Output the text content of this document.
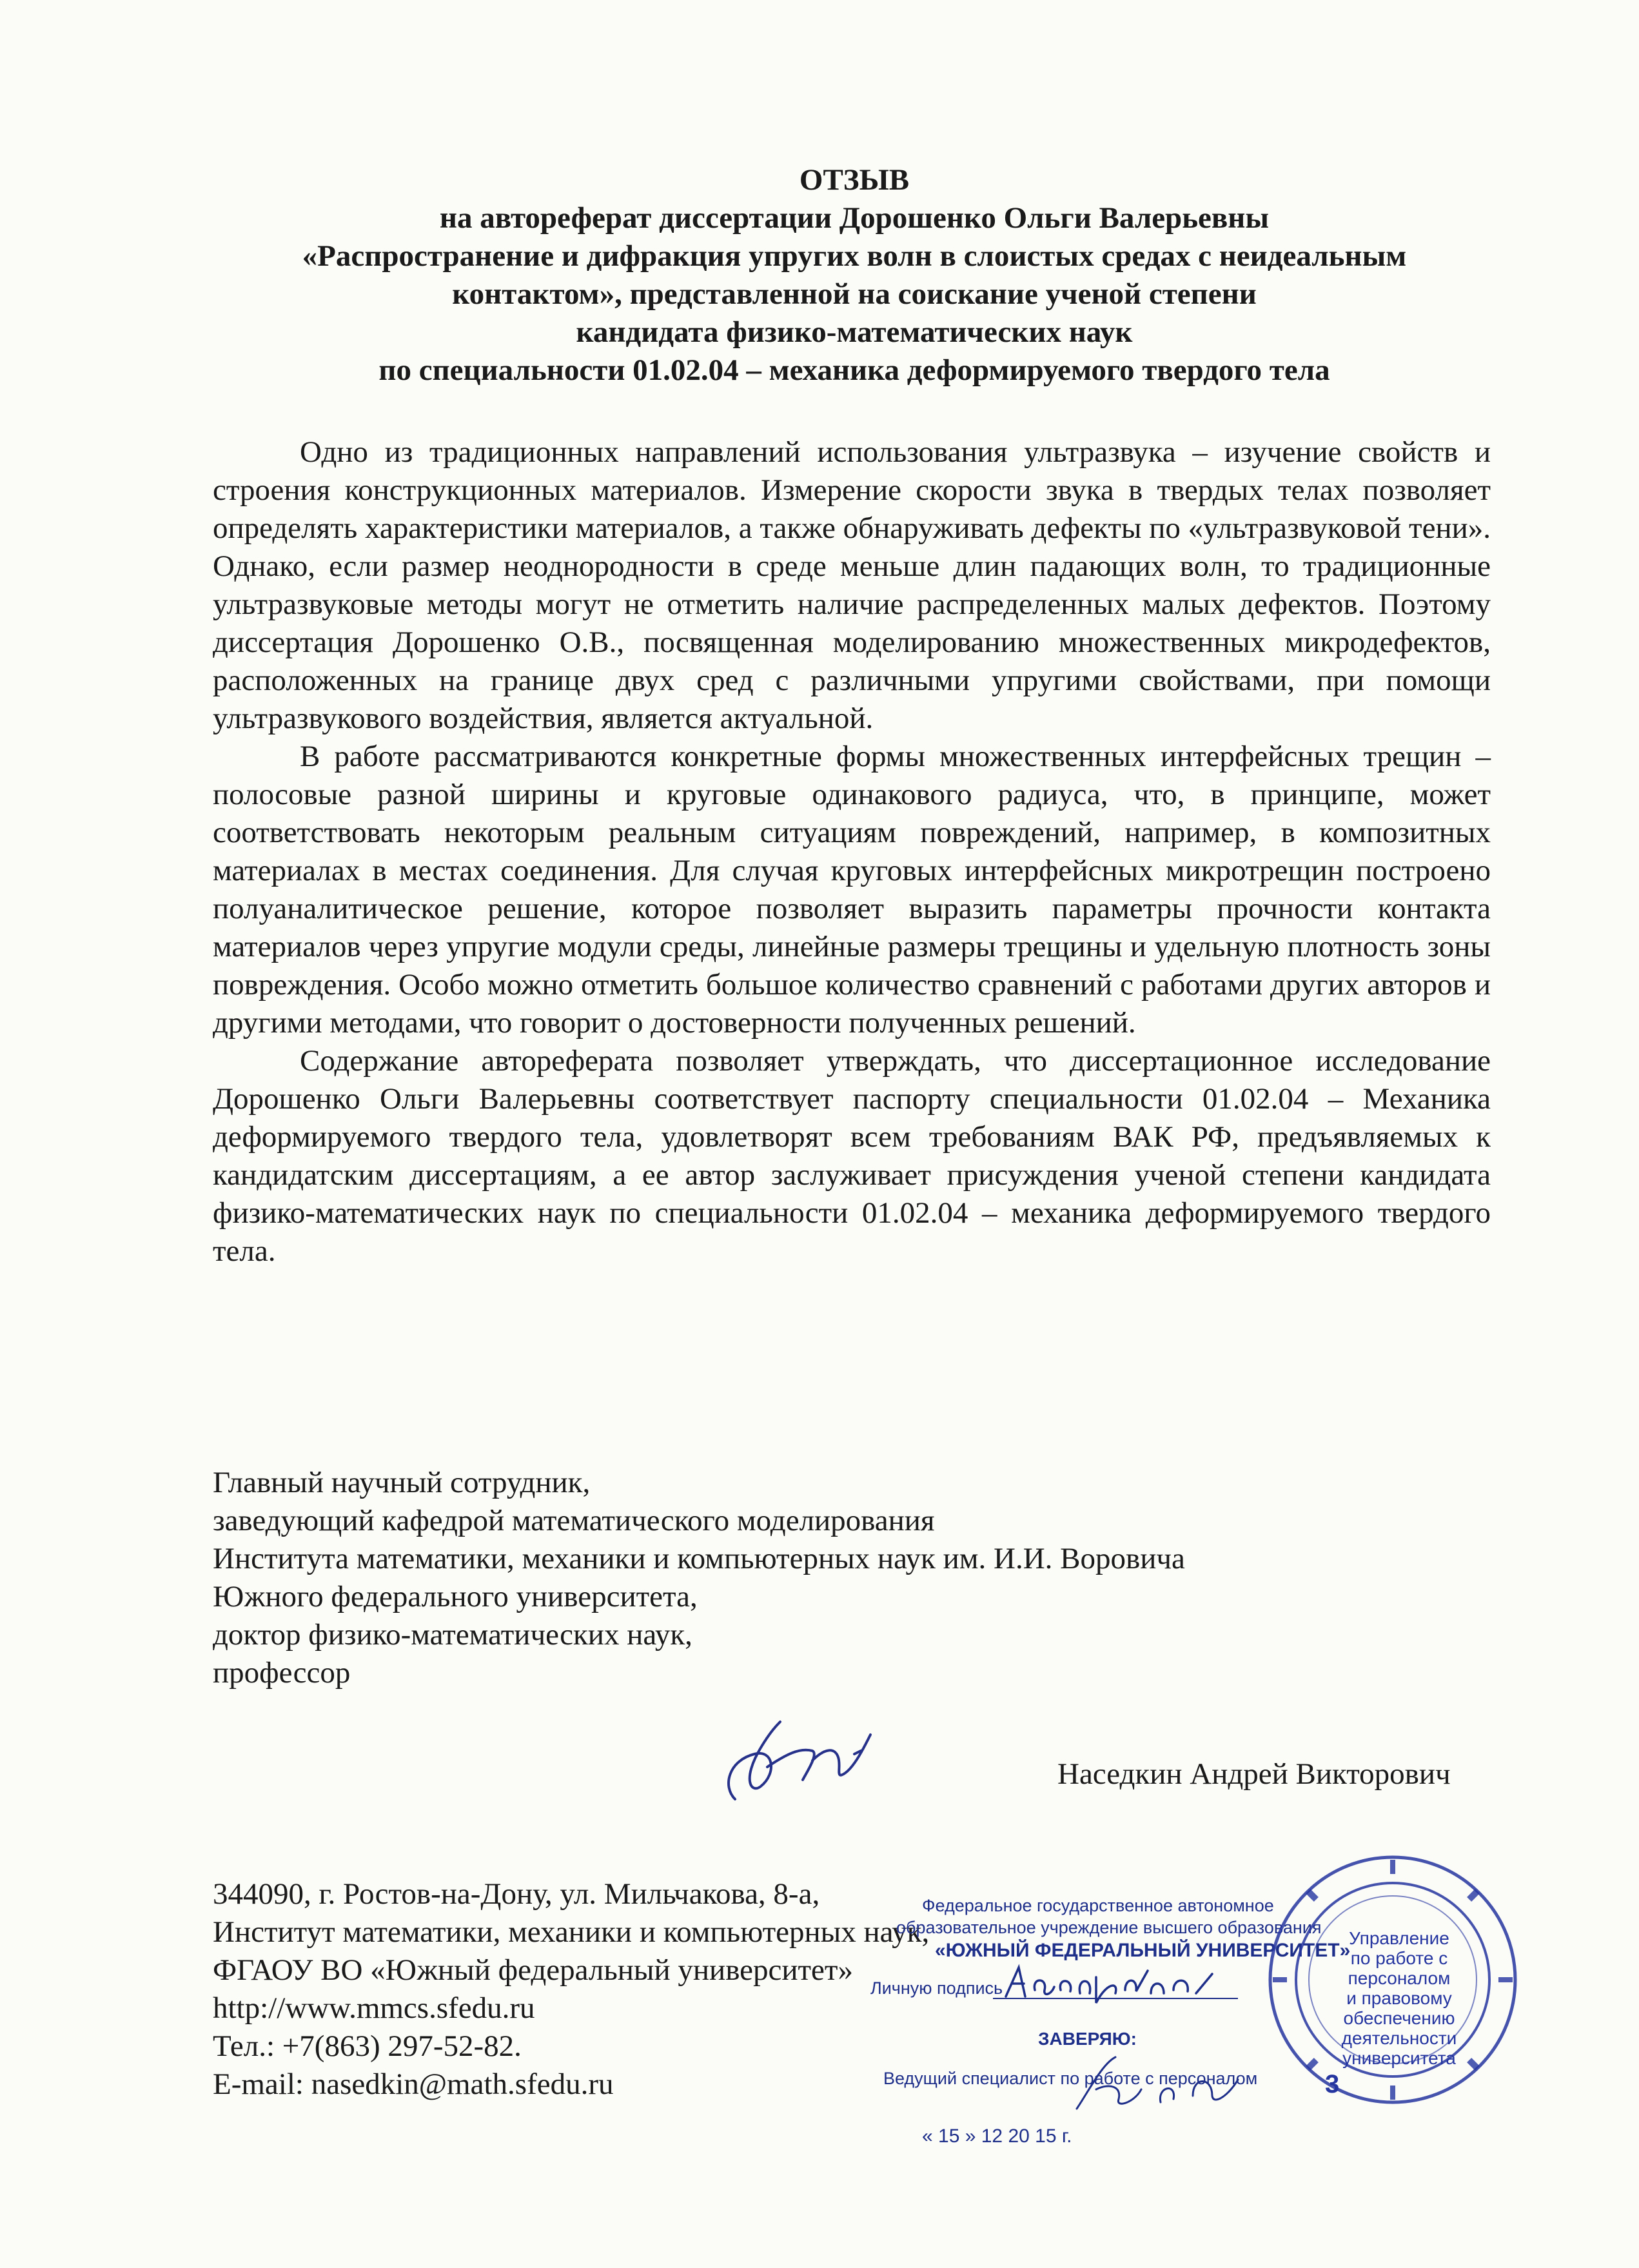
ОТЗЫВ
на автореферат диссертации Дорошенко Ольги Валерьевны
«Распространение и дифракция упругих волн в слоистых средах с неидеальным
контактом», представленной на соискание ученой степени
кандидата физико-математических наук
по специальности 01.02.04 – механика деформируемого твердого тела

Одно из традиционных направлений использования ультразвука – изучение свойств и строения конструкционных материалов. Измерение скорости звука в твердых телах позволяет определять характеристики материалов, а также обнаруживать дефекты по «ультразвуковой тени». Однако, если размер неоднородности в среде меньше длин падающих волн, то традиционные ультразвуковые методы могут не отметить наличие распределенных малых дефектов. Поэтому диссертация Дорошенко О.В., посвященная моделированию множественных микродефектов, расположенных на границе двух сред с различными упругими свойствами, при помощи ультразвукового воздействия, является актуальной.

В работе рассматриваются конкретные формы множественных интерфейсных трещин – полосовые разной ширины и круговые одинакового радиуса, что, в принципе, может соответствовать некоторым реальным ситуациям повреждений, например, в композитных материалах в местах соединения. Для случая круговых интерфейсных микротрещин построено полуаналитическое решение, которое позволяет выразить параметры прочности контакта материалов через упругие модули среды, линейные размеры трещины и удельную плотность зоны повреждения. Особо можно отметить большое количество сравнений с работами других авторов и другими методами, что говорит о достоверности полученных решений.

Содержание автореферата позволяет утверждать, что диссертационное исследование Дорошенко Ольги Валерьевны соответствует паспорту специальности 01.02.04 – Механика деформируемого твердого тела, удовлетворят всем требованиям ВАК РФ, предъявляемых к кандидатским диссертациям, а ее автор заслуживает присуждения ученой степени кандидата физико-математических наук по специальности 01.02.04 – механика деформируемого твердого тела.

Главный научный сотрудник,
заведующий кафедрой математического моделирования
Института математики, механики и компьютерных наук им. И.И. Воровича
Южного федерального университета,
доктор физико-математических наук,
профессор
Наседкин Андрей Викторович
344090, г. Ростов-на-Дону, ул. Мильчакова, 8-а,
Институт математики, механики и компьютерных наук,
ФГАОУ ВО «Южный федеральный университет»
http://www.mmcs.sfedu.ru
Тел.: +7(863) 297-52-82.
E-mail: nasedkin@math.sfedu.ru
Федеральное государственное автономное
образовательное учреждение высшего образования
«ЮЖНЫЙ ФЕДЕРАЛЬНЫЙ УНИВЕРСИТЕТ»
Личную подпись
ЗАВЕРЯЮ:
Ведущий специалист по работе с персоналом
« 15 » 12 20 15 г.
Управление по работе с персоналом и правовому обеспечению деятельности университета
3
